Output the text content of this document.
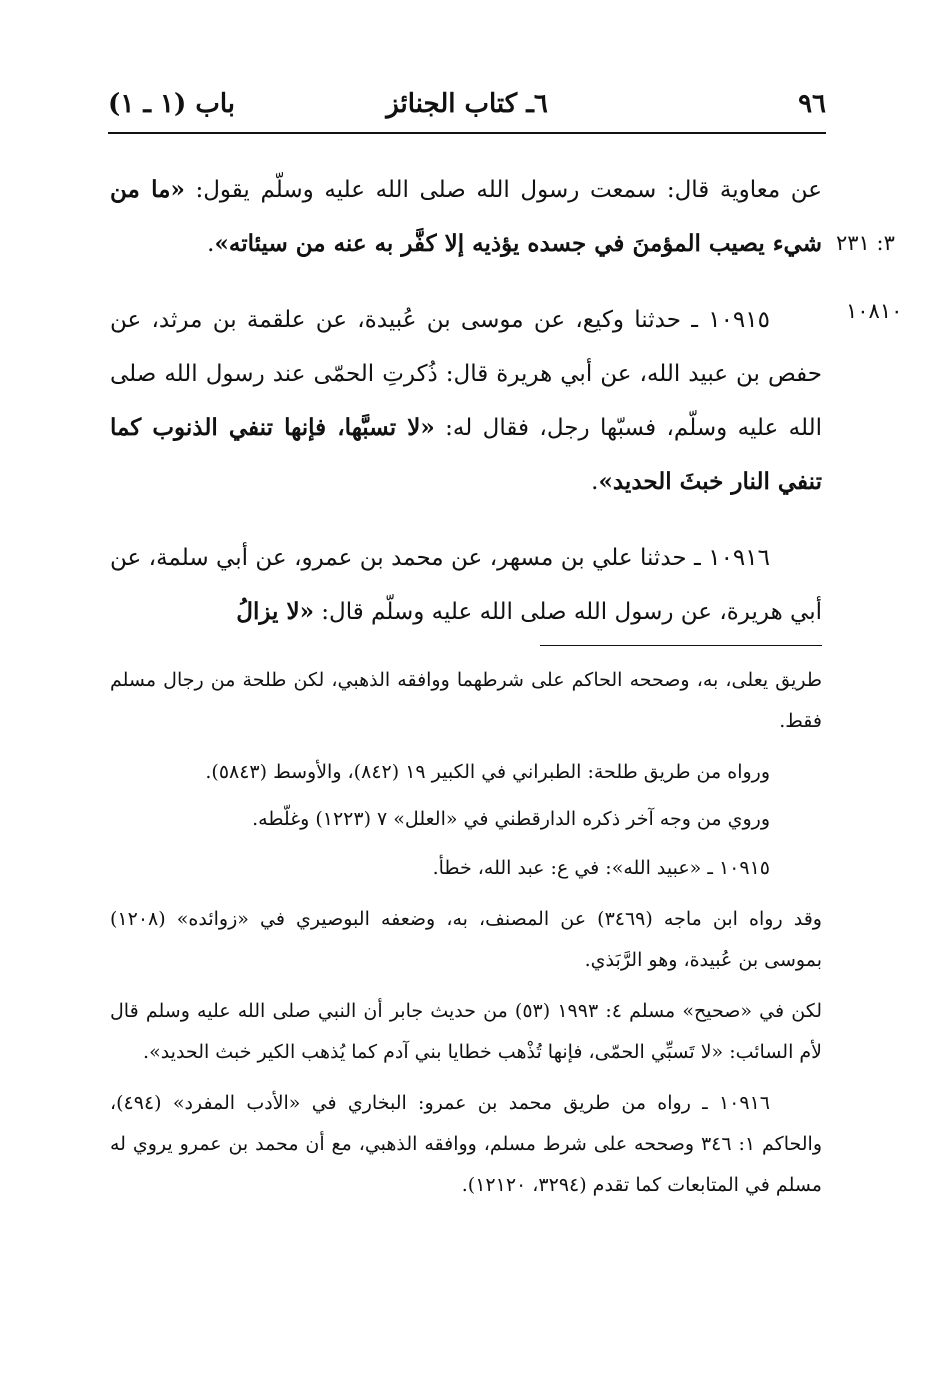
٩٦
٦ـ كتاب الجنائز
باب (١ ـ ١)
٣: ٢٣١
١٠٨١٠

عن معاوية قال: سمعت رسول الله صلى الله عليه وسلّم يقول: «ما من شيء يصيب المؤمنَ في جسده يؤذيه إلا كفَّر به عنه من سيئاته».

١٠٩١٥ ـ حدثنا وكيع، عن موسى بن عُبيدة، عن علقمة بن مرثد، عن حفص بن عبيد الله، عن أبي هريرة قال: ذُكرتِ الحمّى عند رسول الله صلى الله عليه وسلّم، فسبّها رجل، فقال له: «لا تسبَّها، فإنها تنفي الذنوب كما تنفي النار خبثَ الحديد».

١٠٩١٦ ـ حدثنا علي بن مسهر، عن محمد بن عمرو، عن أبي سلمة، عن أبي هريرة، عن رسول الله صلى الله عليه وسلّم قال: «لا يزالُ

طريق يعلى، به، وصححه الحاكم على شرطهما ووافقه الذهبي، لكن طلحة من رجال مسلم فقط.

ورواه من طريق طلحة: الطبراني في الكبير ١٩ (٨٤٢)، والأوسط (٥٨٤٣).

وروي من وجه آخر ذكره الدارقطني في «العلل» ٧ (١٢٢٣) وغلّطه.

١٠٩١٥ ـ «عبيد الله»: في ع: عبد الله، خطأ.

وقد رواه ابن ماجه (٣٤٦٩) عن المصنف، به، وضعفه البوصيري في «زوائده» (١٢٠٨) بموسى بن عُبيدة، وهو الرَّبَذي.

لكن في «صحيح» مسلم ٤: ١٩٩٣ (٥٣) من حديث جابر أن النبي صلى الله عليه وسلم قال لأم السائب: «لا تَسبِّي الحمّى، فإنها تُذْهب خطايا بني آدم كما يُذهب الكير خبث الحديد».

١٠٩١٦ ـ رواه من طريق محمد بن عمرو: البخاري في «الأدب المفرد» (٤٩٤)، والحاكم ١: ٣٤٦ وصححه على شرط مسلم، ووافقه الذهبي، مع أن محمد بن عمرو يروي له مسلم في المتابعات كما تقدم (٣٢٩٤، ١٢١٢٠).
